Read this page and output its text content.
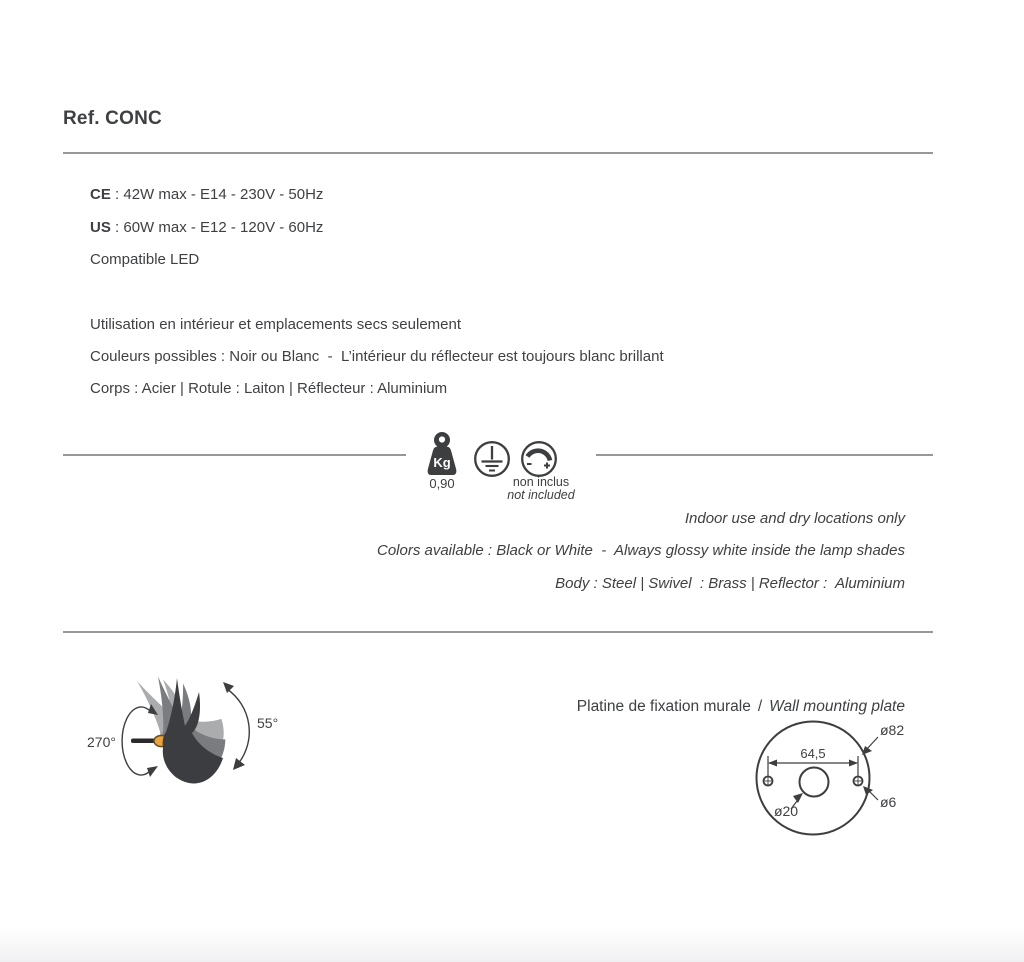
Ref. CONC
CE : 42W max - E14 - 230V - 50Hz
US : 60W max - E12 - 120V - 60Hz
Compatible LED
Utilisation en intérieur et emplacements secs seulement
Couleurs possibles : Noir ou Blanc  -  L’intérieur du réflecteur est toujours blanc brillant
Corps : Acier | Rotule : Laiton | Réflecteur : Aluminium
Kg
0,90	non inclus
not included
Indoor use and dry locations only
Colors available : Black or White  -  Always glossy white inside the lamp shades
Body : Steel | Swivel  : Brass | Reflector :  Aluminium
270°
55°

Platine de fixation murale / Wall mounting plate

64,5
ø82
ø6
ø20
